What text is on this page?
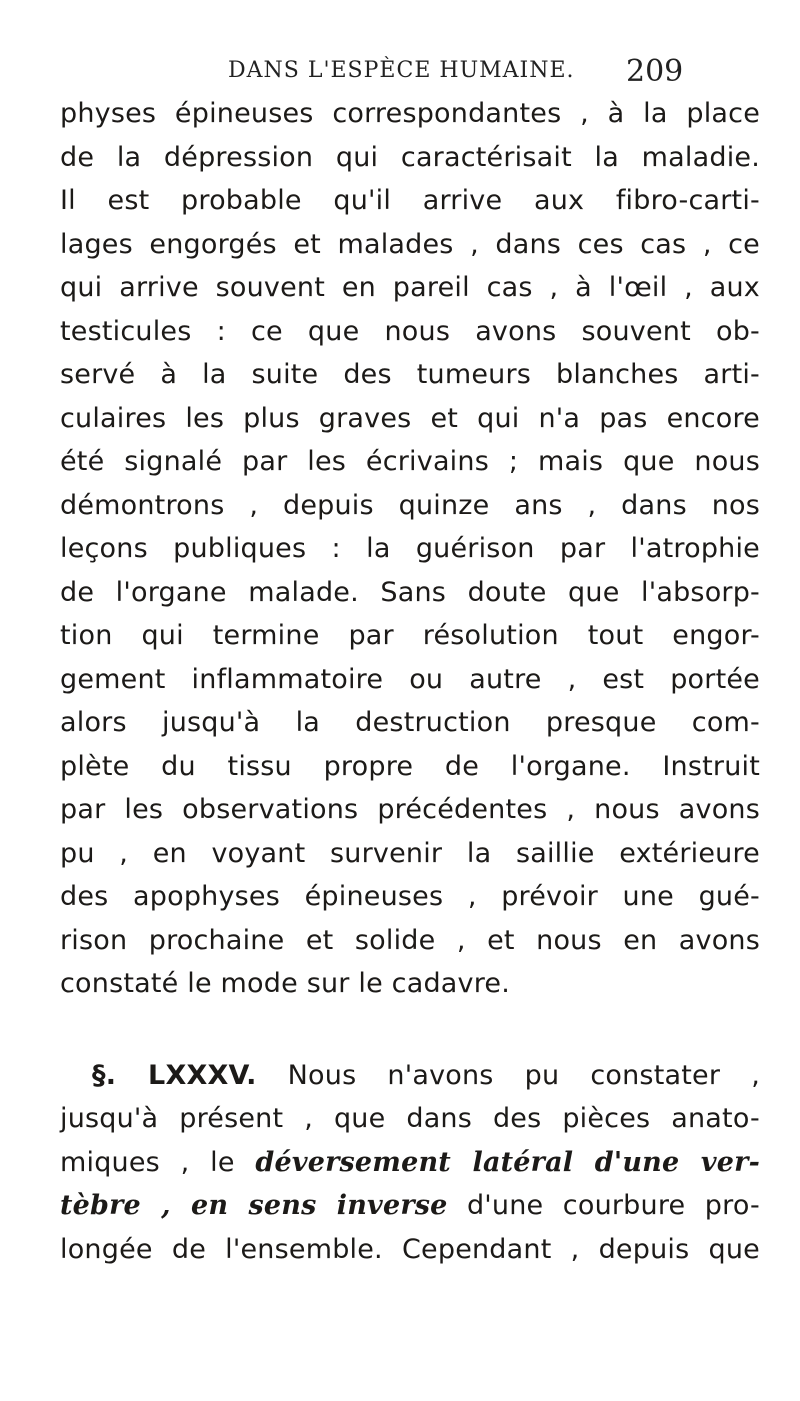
DANS L'ESPÈCE HUMAINE. 209
physes épineuses correspondantes , à la place
de la dépression qui caractérisait la maladie.
Il est probable qu'il arrive aux fibro-carti-
lages engorgés et malades , dans ces cas , ce
qui arrive souvent en pareil cas , à l'œil , aux
testicules : ce que nous avons souvent ob-
servé à la suite des tumeurs blanches arti-
culaires les plus graves et qui n'a pas encore
été signalé par les écrivains ; mais que nous
démontrons , depuis quinze ans , dans nos
leçons publiques : la guérison par l'atrophie
de l'organe malade. Sans doute que l'absorp-
tion qui termine par résolution tout engor-
gement inflammatoire ou autre , est portée
alors jusqu'à la destruction presque com-
plète du tissu propre de l'organe. Instruit
par les observations précédentes , nous avons
pu , en voyant survenir la saillie extérieure
des apophyses épineuses , prévoir une gué-
rison prochaine et solide , et nous en avons
constaté le mode sur le cadavre.
§. LXXXV. Nous n'avons pu constater ,
jusqu'à présent , que dans des pièces anato-
miques , le déversement latéral d'une ver-
tèbre , en sens inverse d'une courbure pro-
longée de l'ensemble. Cependant , depuis que
